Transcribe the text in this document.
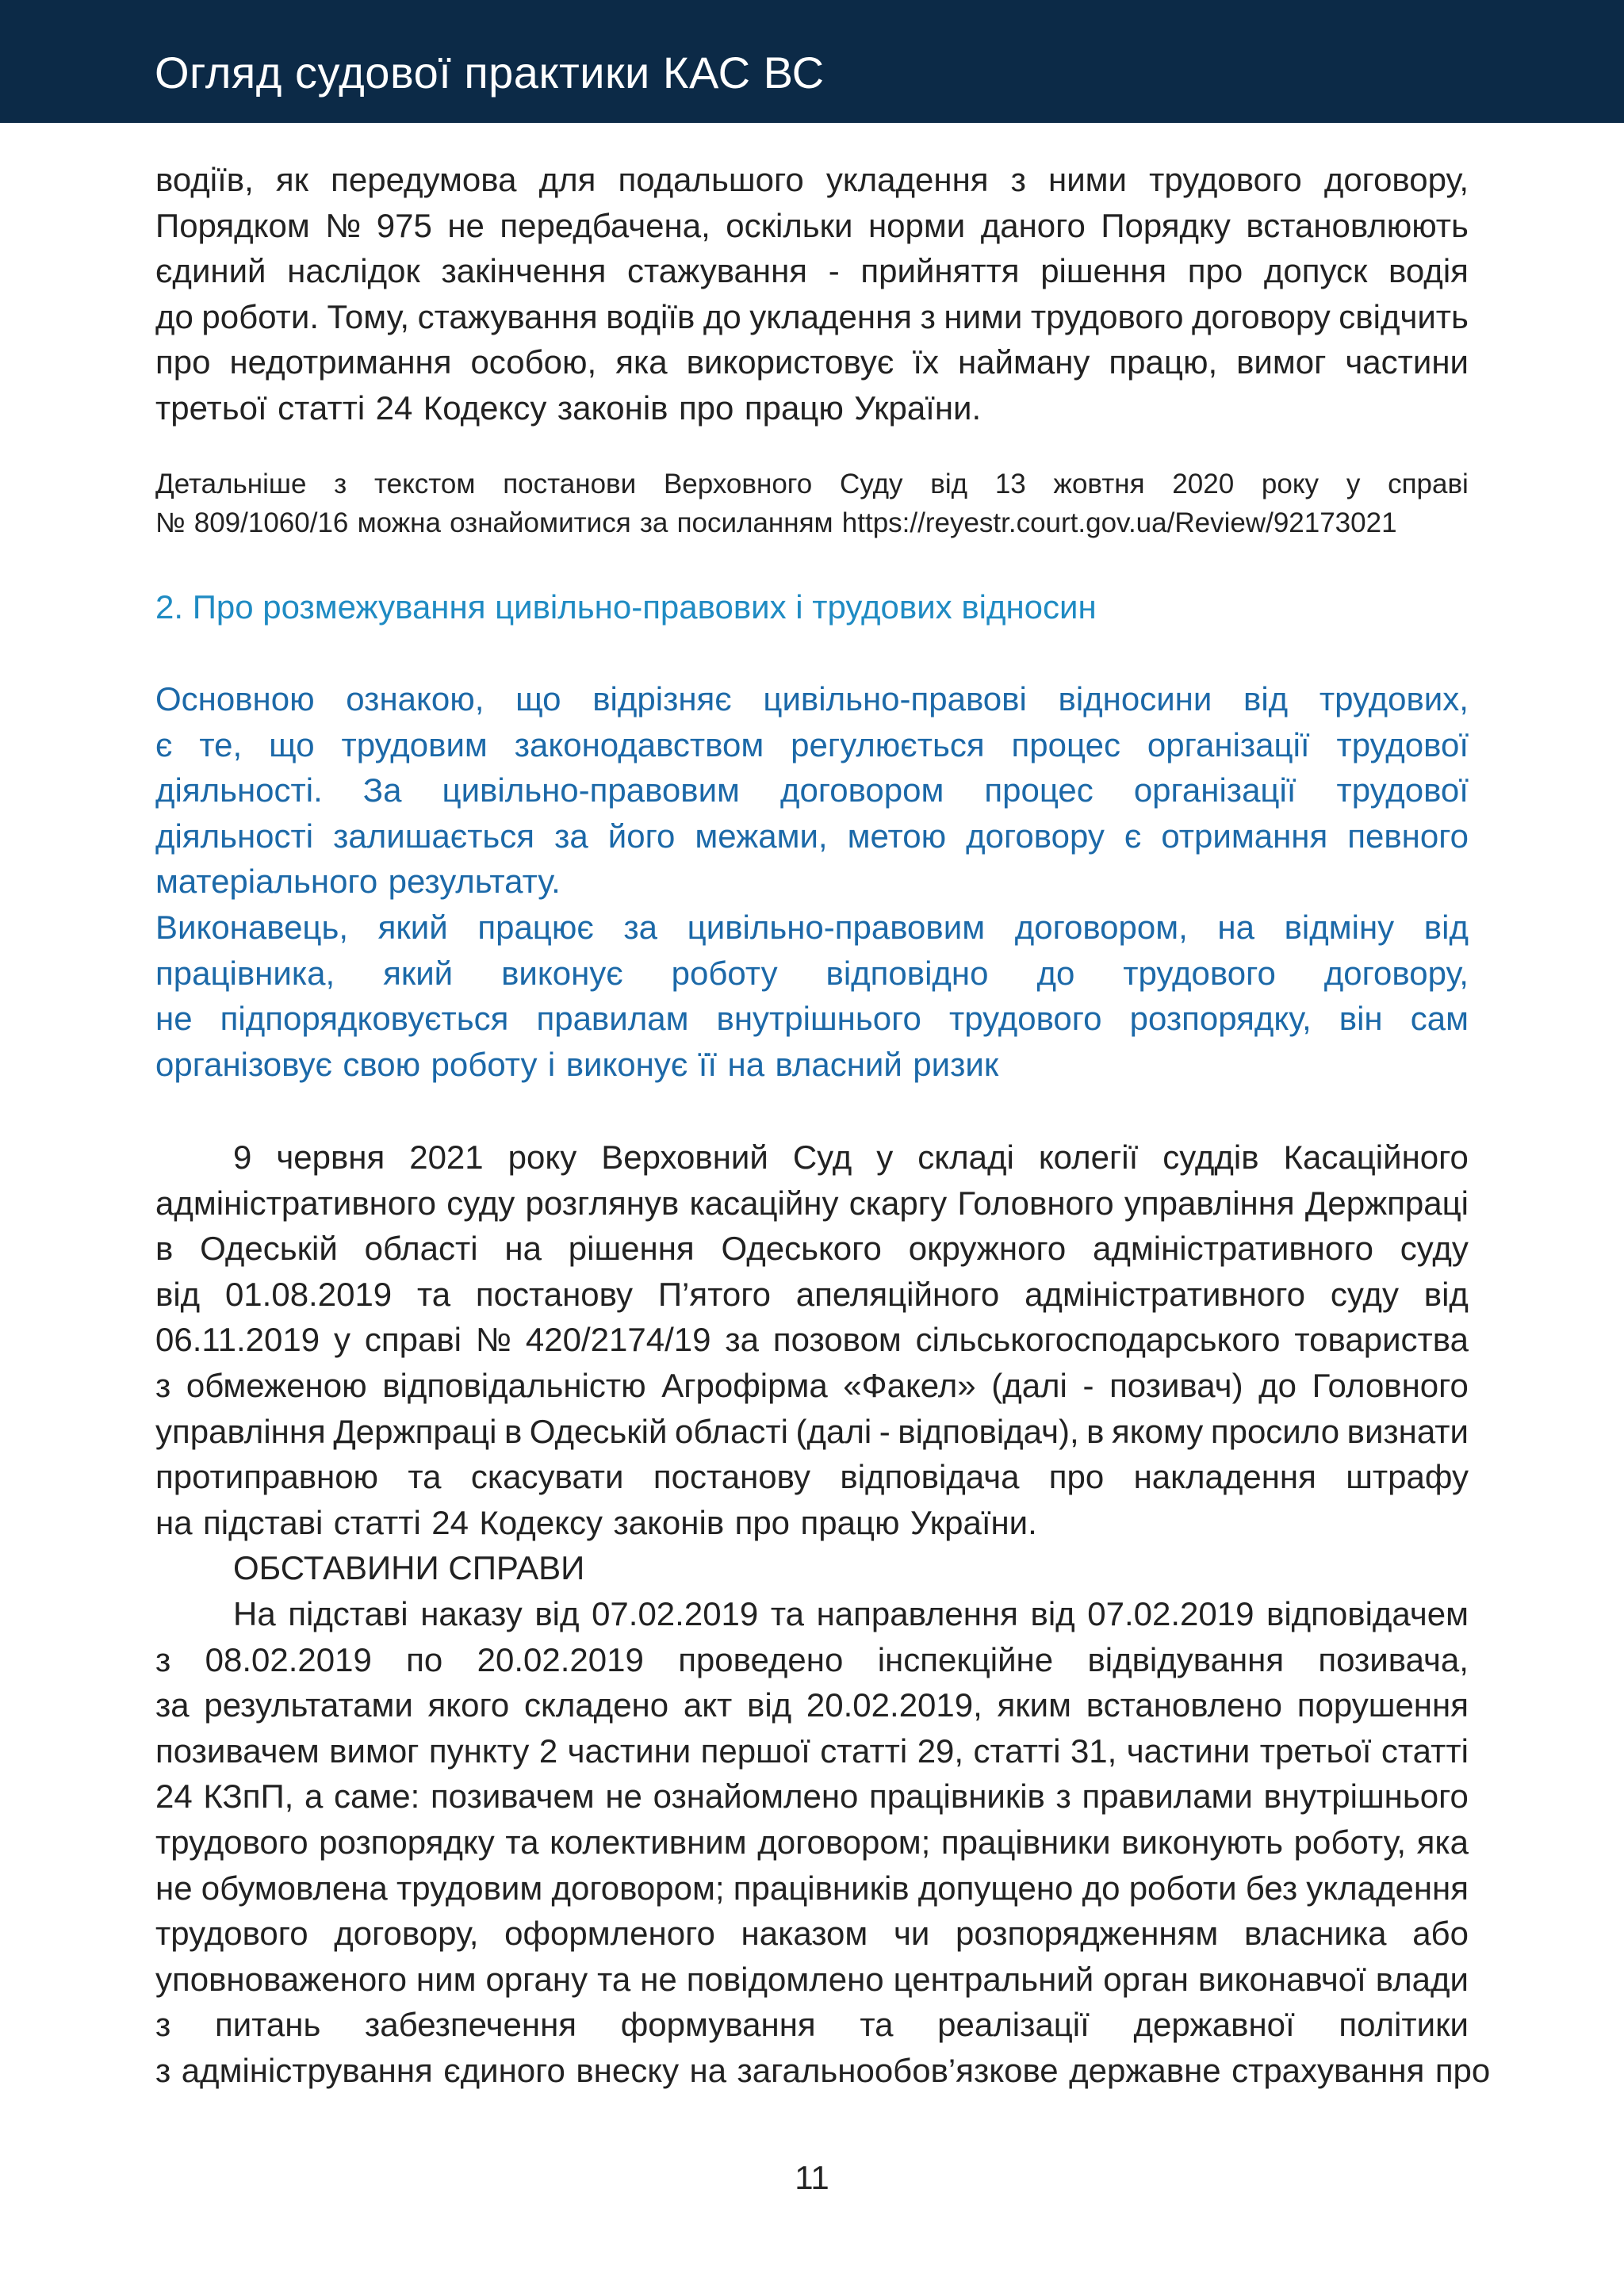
Огляд судової практики КАС ВС
водіїв, як передумова для подальшого укладення з ними трудового договору,
Порядком № 975 не передбачена, оскільки норми даного Порядку встановлюють
єдиний наслідок закінчення стажування - прийняття рішення про допуск водія
до роботи. Тому, стажування водіїв до укладення з ними трудового договору свідчить
про недотримання особою, яка використовує їх найману працю, вимог частини
третьої статті 24 Кодексу законів про працю України.
Детальніше з текстом постанови Верховного Суду від 13 жовтня 2020 року у справі
№ 809/1060/16 можна ознайомитися за посиланням https://reyestr.court.gov.ua/Review/92173021
2. Про розмежування цивільно-правових і трудових відносин
Основною ознакою, що відрізняє цивільно-правові відносини від трудових,
є те, що трудовим законодавством регулюється процес організації трудової
діяльності. За цивільно-правовим договором процес організації трудової
діяльності залишається за його межами, метою договору є отримання певного
матеріального результату.
Виконавець, який працює за цивільно-правовим договором, на відміну від
працівника, який виконує роботу відповідно до трудового договору,
не підпорядковується правилам внутрішнього трудового розпорядку, він сам
організовує свою роботу і виконує її на власний ризик
9 червня 2021 року Верховний Суд у складі колегії суддів Касаційного
адміністративного суду розглянув касаційну скаргу Головного управління Держпраці
в Одеській області на рішення Одеського окружного адміністративного суду
від 01.08.2019 та постанову П’ятого апеляційного адміністративного суду від
06.11.2019 у справі № 420/2174/19 за позовом сільськогосподарського товариства
з обмеженою відповідальністю Агрофірма «Факел» (далі - позивач) до Головного
управління Держпраці в Одеській області (далі - відповідач), в якому просило визнати
протиправною та скасувати постанову відповідача про накладення штрафу
на підставі статті 24 Кодексу законів про працю України.
ОБСТАВИНИ СПРАВИ
На підставі наказу від 07.02.2019 та направлення від 07.02.2019 відповідачем
з 08.02.2019 по 20.02.2019 проведено інспекційне відвідування позивача,
за результатами якого складено акт від 20.02.2019, яким встановлено порушення
позивачем вимог пункту 2 частини першої статті 29, статті 31, частини третьої статті
24 КЗпП, а саме: позивачем не ознайомлено працівників з правилами внутрішнього
трудового розпорядку та колективним договором; працівники виконують роботу, яка
не обумовлена трудовим договором; працівників допущено до роботи без укладення
трудового договору, оформленого наказом чи розпорядженням власника або
уповноваженого ним органу та не повідомлено центральний орган виконавчої влади
з питань забезпечення формування та реалізації державної політики
з адміністрування єдиного внеску на загальнообов’язкове державне страхування про
11
